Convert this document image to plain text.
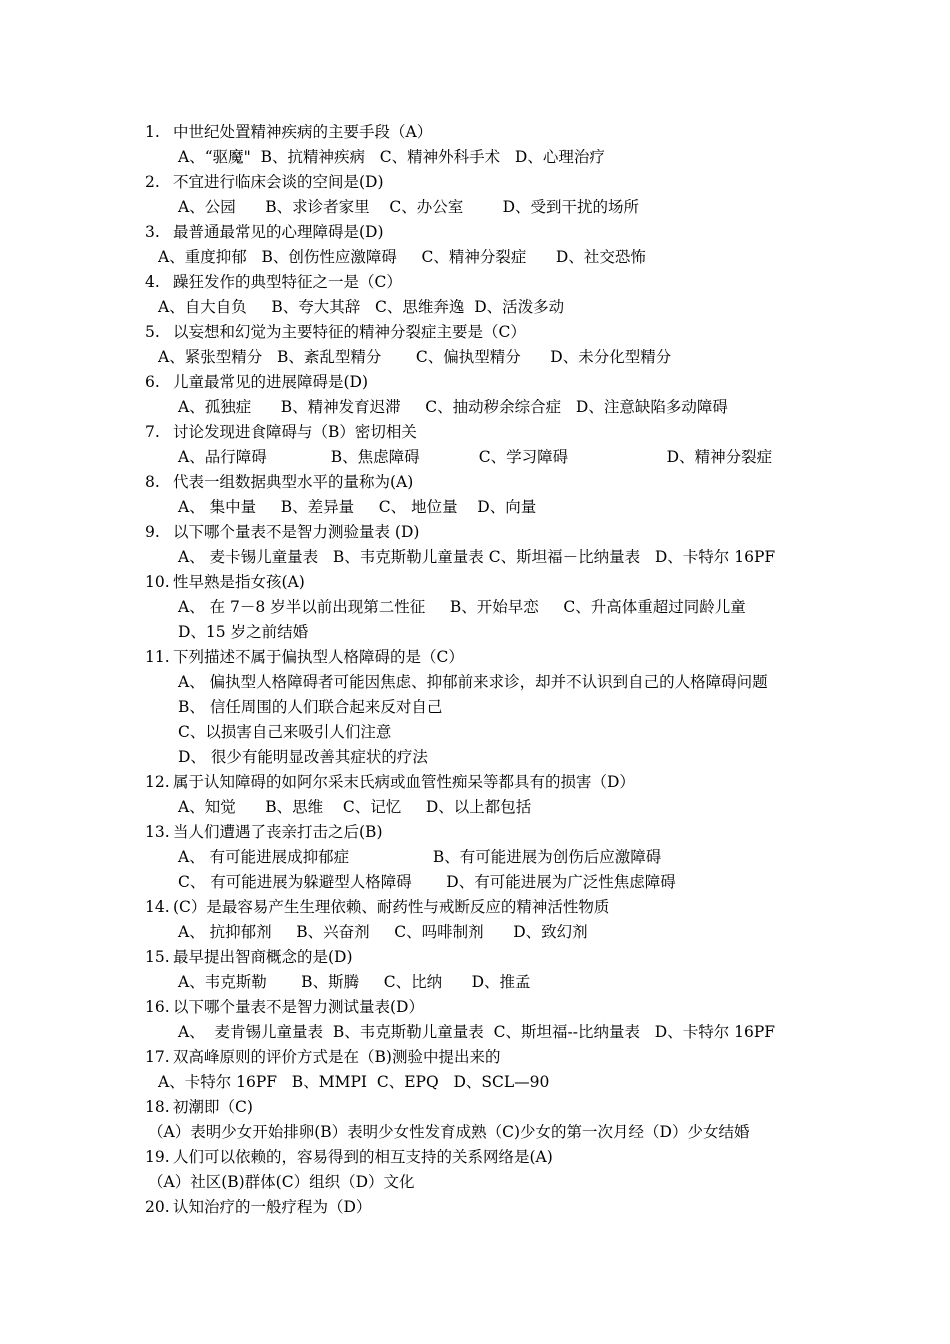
1. 中世纪处置精神疾病的主要手段（A）
A、“驱魔"  B、抗精神疾病   C、精神外科手术   D、心理治疗
2. 不宜进行临床会谈的空间是(D)
A、公园      B、求诊者家里    C、办公室        D、受到干扰的场所
3. 最普通最常见的心理障碍是(D)
A、重度抑郁   B、创伤性应激障碍     C、精神分裂症      D、社交恐怖
4. 躁狂发作的典型特征之一是（C）
A、自大自负     B、夸大其辞   C、思维奔逸  D、活泼多动
5. 以妄想和幻觉为主要特征的精神分裂症主要是（C）
A、紧张型精分   B、紊乱型精分       C、偏执型精分      D、未分化型精分
6. 儿童最常见的进展障碍是(D)
A、孤独症      B、精神发育迟滞     C、抽动秽余综合症   D、注意缺陷多动障碍
7. 讨论发现进食障碍与（B）密切相关
A、品行障碍             B、焦虑障碍            C、学习障碍                    D、精神分裂症
8. 代表一组数据典型水平的量称为(A)
A、 集中量     B、差异量     C、 地位量    D、向量
9. 以下哪个量表不是智力测验量表 (D)
A、 麦卡锡儿童量表   B、韦克斯勒儿童量表 C、斯坦福－比纳量表   D、卡特尔 16PF
10. 性早熟是指女孩(A)
A、 在 7－8 岁半以前出现第二性征     B、开始早恋     C、升高体重超过同龄儿童
D、15 岁之前结婚
11. 下列描述不属于偏执型人格障碍的是（C）
A、 偏执型人格障碍者可能因焦虑、抑郁前来求诊，却并不认识到自己的人格障碍问题
B、 信任周围的人们联合起来反对自己
C、以损害自己来吸引人们注意
D、 很少有能明显改善其症状的疗法
12. 属于认知障碍的如阿尔采末氏病或血管性痴呆等都具有的损害（D）
A、知觉      B、思维    C、记忆     D、以上都包括
13. 当人们遭遇了丧亲打击之后(B)
A、 有可能进展成抑郁症                 B、有可能进展为创伤后应激障碍
C、 有可能进展为躲避型人格障碍       D、有可能进展为广泛性焦虑障碍
14. (C）是最容易产生生理依赖、耐药性与戒断反应的精神活性物质
A、 抗抑郁剂     B、兴奋剂     C、吗啡制剂      D、致幻剂
15. 最早提出智商概念的是(D)
A、韦克斯勒       B、斯腾     C、比纳      D、推孟
16. 以下哪个量表不是智力测试量表(D）
A、  麦肯锡儿童量表  B、韦克斯勒儿童量表  C、斯坦福--比纳量表   D、卡特尔 16PF
17. 双高峰原则的评价方式是在（B)测验中提出来的
A、卡特尔 16PF   B、MMPI  C、EPQ   D、SCL—90
18. 初潮即（C)
（A）表明少女开始排卵(B）表明少女性发育成熟（C)少女的第一次月经（D）少女结婚
19. 人们可以依赖的，容易得到的相互支持的关系网络是(A)
（A）社区(B)群体(C）组织（D）文化
20. 认知治疗的一般疗程为（D）
